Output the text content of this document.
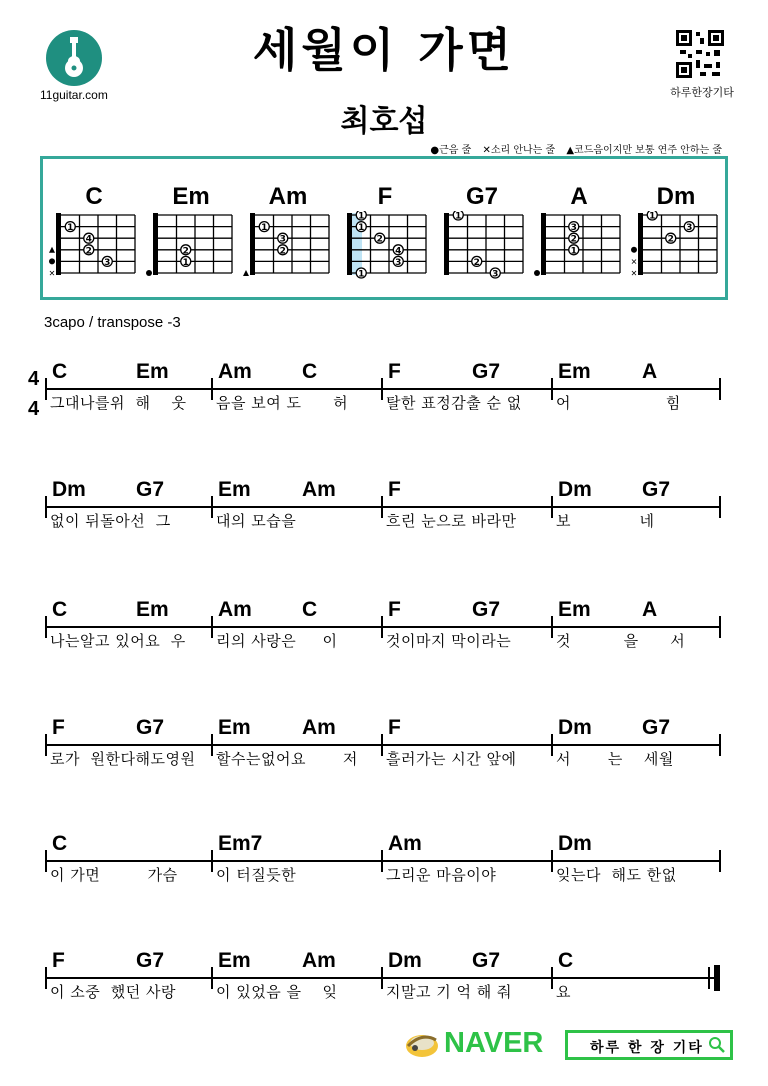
11guitar.com
세월이 가면
최호섭
하루한장기타
●근음 줄 ✕소리 안나는 줄 ▲코드음이지만 보통 연주 안하는 줄
C
1
2
3
4
✕
Em
2
1
Am
1
3
2
F
1
1
2
4
3
1
G7
1
2
3
A
3
2
1
Dm
1
3
2
✕
✕
3capo / transpose -3
4
4
C	Em
그대나를위  해    웃
Am C
음을 보여 도      허
F	G7
탈한 표정감출 순 없
Em A
어                  힘
Dm G7
없이 뒤돌아선  그
Em Am
대의 모습을
F
흐린 눈으로 바라만
Dm G7
보             네
C	Em
나는알고 있어요  우
Am C
리의 사랑은     이
F	G7
것이마지 막이라는
Em A
것          을      서
F	G7
로가  원한다해도영원
Em Am
할수는없어요       저
F
흘러가는 시간 앞에
Dm G7
서       는    세월
C
이 가면         가슴
Em7
이 터질듯한
Am
그리운 마음이야
Dm
잊는다  해도 한없
F	G7
이 소중  했던 사랑
Em Am
이 있었음 을    잊
Dm G7
지말고 기 억 해 줘
C
요
NAVER	하루 한 장 기타
